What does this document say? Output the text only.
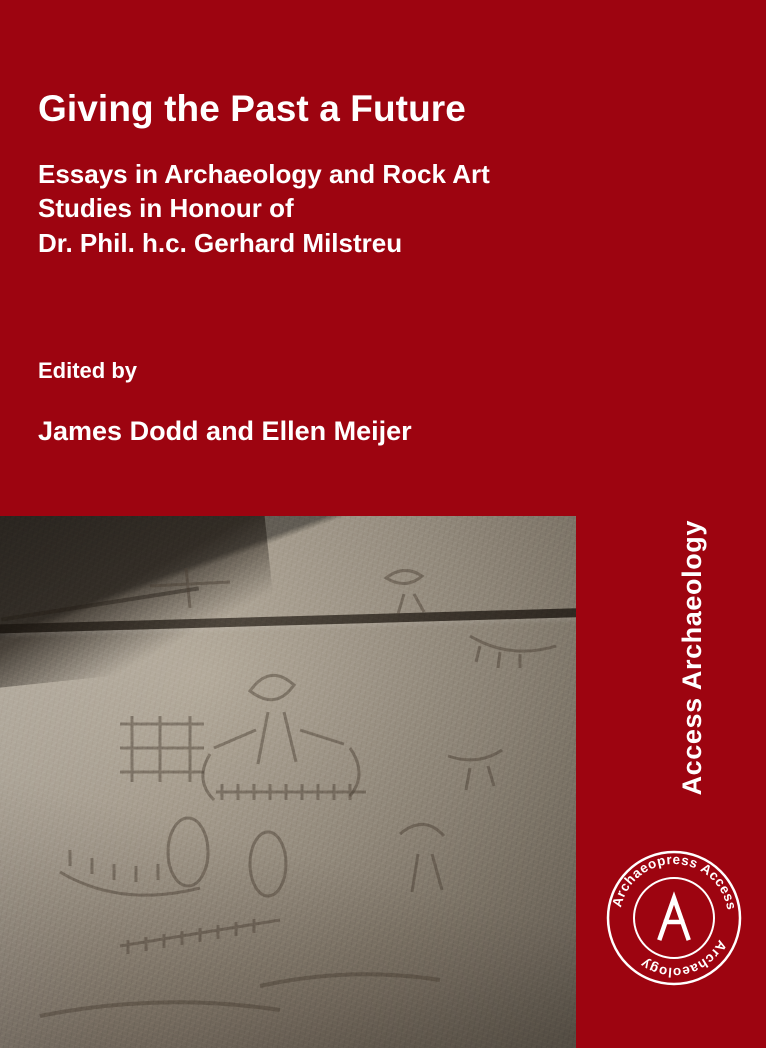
Giving the Past a Future
Essays in Archaeology and Rock Art
Studies in Honour of
Dr. Phil. h.c. Gerhard Milstreu

Edited by

James Dodd and Ellen Meijer

Access Archaeology
Archaeopress Access
Archaeology
